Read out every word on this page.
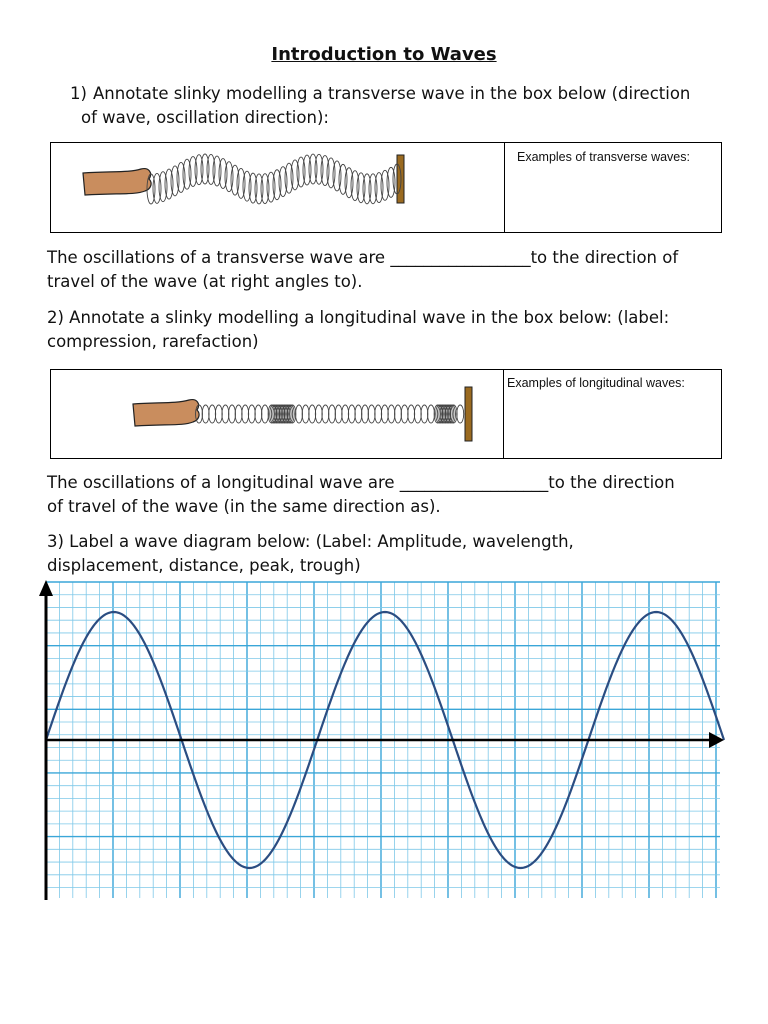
Introduction to Waves
1) Annotate slinky modelling a transverse wave in the box below (direction
of wave, oscillation direction):
Examples of transverse waves:
The oscillations of a transverse wave are _________________to the direction of
travel of the wave (at right angles to).
2) Annotate a slinky modelling a longitudinal wave in the box below: (label:
compression, rarefaction)
Examples of longitudinal waves:
The oscillations of a longitudinal wave are __________________to the direction
of travel of the wave (in the same direction as).
3) Label a wave diagram below: (Label: Amplitude, wavelength,
displacement, distance, peak, trough)
